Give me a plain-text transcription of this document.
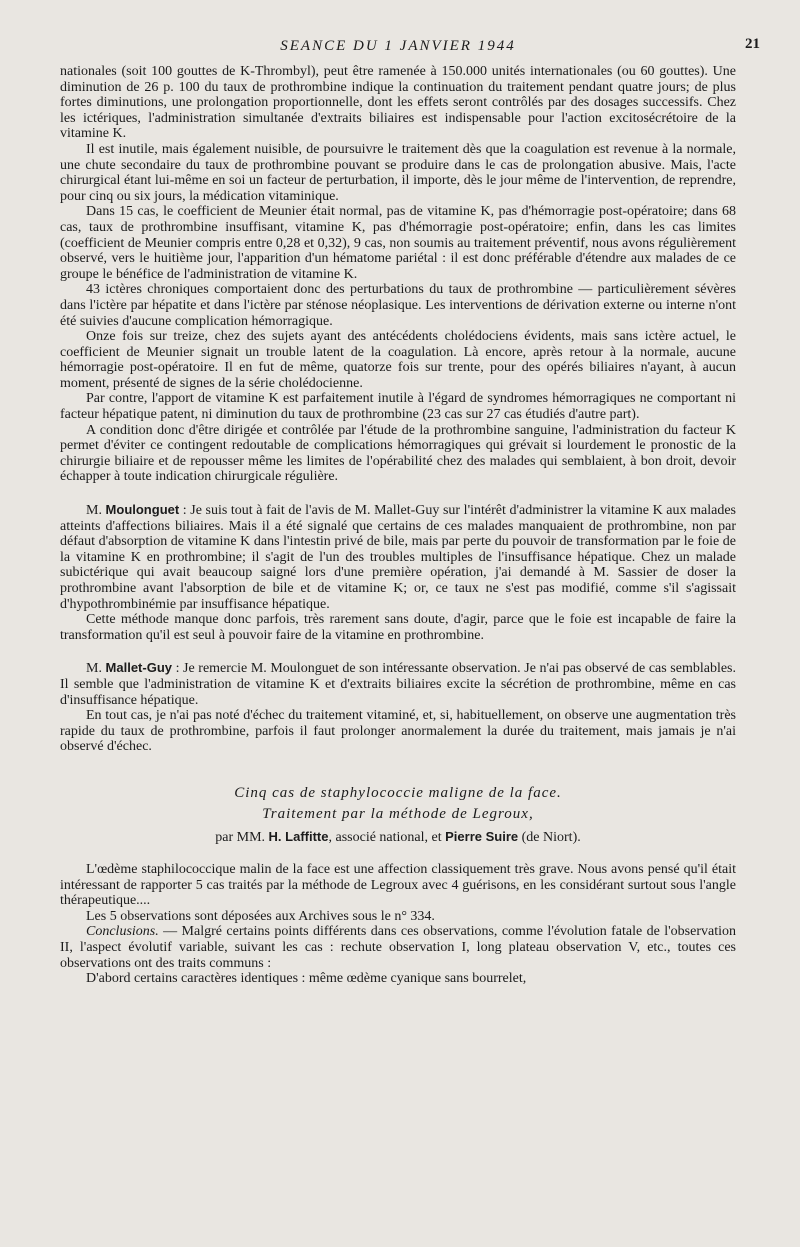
SEANCE DU 1 JANVIER 1944	21

nationales (soit 100 gouttes de K-Thrombyl), peut être ramenée à 150.000 unités internationales (ou 60 gouttes). Une diminution de 26 p. 100 du taux de prothrombine indique la continuation du traitement pendant quatre jours; de plus fortes diminutions, une prolongation proportionnelle, dont les effets seront contrôlés par des dosages successifs. Chez les ictériques, l'administration simultanée d'extraits biliaires est indispensable pour l'action excitosécrétoire de la vitamine K.

Il est inutile, mais également nuisible, de poursuivre le traitement dès que la coagulation est revenue à la normale, une chute secondaire du taux de prothrombine pouvant se produire dans le cas de prolongation abusive. Mais, l'acte chirurgical étant lui-même en soi un facteur de perturbation, il importe, dès le jour même de l'intervention, de reprendre, pour cinq ou six jours, la médication vitaminique.

Dans 15 cas, le coefficient de Meunier était normal, pas de vitamine K, pas d'hémorragie post-opératoire; dans 68 cas, taux de prothrombine insuffisant, vitamine K, pas d'hémorragie post-opératoire; enfin, dans les cas limites (coefficient de Meunier compris entre 0,28 et 0,32), 9 cas, non soumis au traitement préventif, nous avons régulièrement observé, vers le huitième jour, l'apparition d'un hématome pariétal : il est donc préférable d'étendre aux malades de ce groupe le bénéfice de l'administration de vitamine K.

43 ictères chroniques comportaient donc des perturbations du taux de prothrombine — particulièrement sévères dans l'ictère par hépatite et dans l'ictère par sténose néoplasique. Les interventions de dérivation externe ou interne n'ont été suivies d'aucune complication hémorragique.

Onze fois sur treize, chez des sujets ayant des antécédents cholédociens évidents, mais sans ictère actuel, le coefficient de Meunier signait un trouble latent de la coagulation. Là encore, après retour à la normale, aucune hémorragie post-opératoire. Il en fut de même, quatorze fois sur trente, pour des opérés biliaires n'ayant, à aucun moment, présenté de signes de la série cholédocienne.

Par contre, l'apport de vitamine K est parfaitement inutile à l'égard de syndromes hémorragiques ne comportant ni facteur hépatique patent, ni diminution du taux de prothrombine (23 cas sur 27 cas étudiés d'autre part).

A condition donc d'être dirigée et contrôlée par l'étude de la prothrombine sanguine, l'administration du facteur K permet d'éviter ce contingent redoutable de complications hémorragiques qui grévait si lourdement le pronostic de la chirurgie biliaire et de repousser même les limites de l'opérabilité chez des malades qui semblaient, à bon droit, devoir échapper à toute indication chirurgicale régulière.

M. Moulonguet : Je suis tout à fait de l'avis de M. Mallet-Guy sur l'intérêt d'administrer la vitamine K aux malades atteints d'affections biliaires. Mais il a été signalé que certains de ces malades manquaient de prothrombine, non par défaut d'absorption de vitamine K dans l'intestin privé de bile, mais par perte du pouvoir de transformation par le foie de la vitamine K en prothrombine; il s'agit de l'un des troubles multiples de l'insuffisance hépatique. Chez un malade subictérique qui avait beaucoup saigné lors d'une première opération, j'ai demandé à M. Sassier de doser la prothrombine avant l'absorption de bile et de vitamine K; or, ce taux ne s'est pas modifié, comme s'il s'agissait d'hypothrombinémie par insuffisance hépatique.

Cette méthode manque donc parfois, très rarement sans doute, d'agir, parce que le foie est incapable de faire la transformation qu'il est seul à pouvoir faire de la vitamine en prothrombine.

M. Mallet-Guy : Je remercie M. Moulonguet de son intéressante observation. Je n'ai pas observé de cas semblables. Il semble que l'administration de vitamine K et d'extraits biliaires excite la sécrétion de prothrombine, même en cas d'insuffisance hépatique.

En tout cas, je n'ai pas noté d'échec du traitement vitaminé, et, si, habituellement, on observe une augmentation très rapide du taux de prothrombine, parfois il faut prolonger anormalement la durée du traitement, mais jamais je n'ai observé d'échec.

Cinq cas de staphylococcie maligne de la face.
Traitement par la méthode de Legroux,
par MM. H. Laffitte, associé national, et Pierre Suire (de Niort).

L'œdème staphilococcique malin de la face est une affection classiquement très grave. Nous avons pensé qu'il était intéressant de rapporter 5 cas traités par la méthode de Legroux avec 4 guérisons, en les considérant surtout sous l'angle thérapeutique....

Les 5 observations sont déposées aux Archives sous le n° 334.

Conclusions. — Malgré certains points différents dans ces observations, comme l'évolution fatale de l'observation II, l'aspect évolutif variable, suivant les cas : rechute observation I, long plateau observation V, etc., toutes ces observations ont des traits communs :

D'abord certains caractères identiques : même œdème cyanique sans bourrelet,
